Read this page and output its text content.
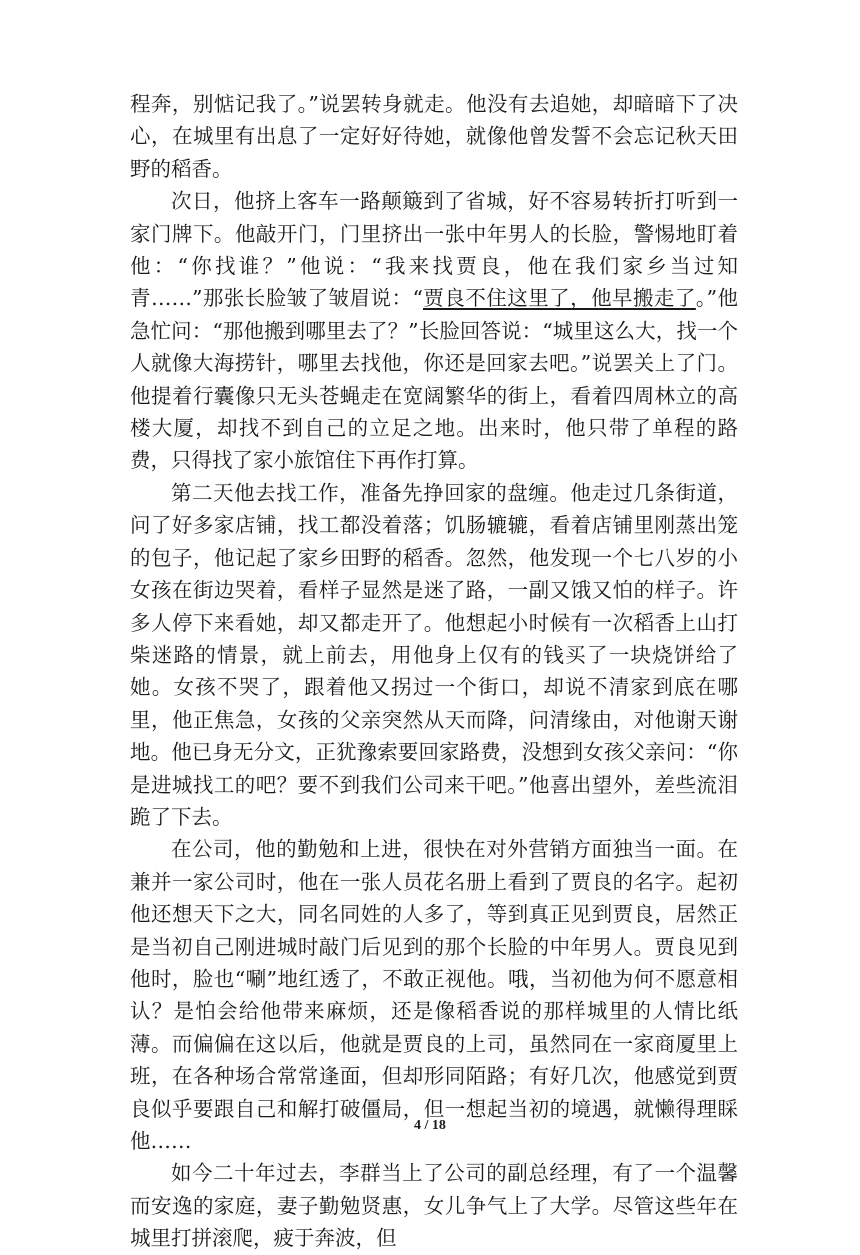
程奔，别惦记我了。”说罢转身就走。他没有去追她，却暗暗下了决心，在城里有出息了一定好好待她，就像他曾发誓不会忘记秋天田野的稻香。

次日，他挤上客车一路颠簸到了省城，好不容易转折打听到一家门牌下。他敲开门，门里挤出一张中年男人的长脸，警惕地盯着他：“你找谁？”他说：“我来找贾良，他在我们家乡当过知青……”那张长脸皱了皱眉说：“贾良不住这里了，他早搬走了。”他急忙问：“那他搬到哪里去了？”长脸回答说：“城里这么大，找一个人就像大海捞针，哪里去找他，你还是回家去吧。”说罢关上了门。他提着行囊像只无头苍蝇走在宽阔繁华的街上，看着四周林立的高楼大厦，却找不到自己的立足之地。出来时，他只带了单程的路费，只得找了家小旅馆住下再作打算。

第二天他去找工作，准备先挣回家的盘缠。他走过几条街道，问了好多家店铺，找工都没着落；饥肠辘辘，看着店铺里刚蒸出笼的包子，他记起了家乡田野的稻香。忽然，他发现一个七八岁的小女孩在街边哭着，看样子显然是迷了路，一副又饿又怕的样子。许多人停下来看她，却又都走开了。他想起小时候有一次稻香上山打柴迷路的情景，就上前去，用他身上仅有的钱买了一块烧饼给了她。女孩不哭了，跟着他又拐过一个街口，却说不清家到底在哪里，他正焦急，女孩的父亲突然从天而降，问清缘由，对他谢天谢地。他已身无分文，正犹豫索要回家路费，没想到女孩父亲问：“你是进城找工的吧？要不到我们公司来干吧。”他喜出望外，差些流泪跪了下去。

在公司，他的勤勉和上进，很快在对外营销方面独当一面。在兼并一家公司时，他在一张人员花名册上看到了贾良的名字。起初他还想天下之大，同名同姓的人多了，等到真正见到贾良，居然正是当初自己刚进城时敲门后见到的那个长脸的中年男人。贾良见到他时，脸也“唰”地红透了，不敢正视他。哦，当初他为何不愿意相认？是怕会给他带来麻烦，还是像稻香说的那样城里的人情比纸薄。而偏偏在这以后，他就是贾良的上司，虽然同在一家商厦里上班，在各种场合常常逢面，但却形同陌路；有好几次，他感觉到贾良似乎要跟自己和解打破僵局，但一想起当初的境遇，就懒得理睬他……

如今二十年过去，李群当上了公司的副总经理，有了一个温馨而安逸的家庭，妻子勤勉贤惠，女儿争气上了大学。尽管这些年在城里打拼滚爬，疲于奔波，但

4 / 18
